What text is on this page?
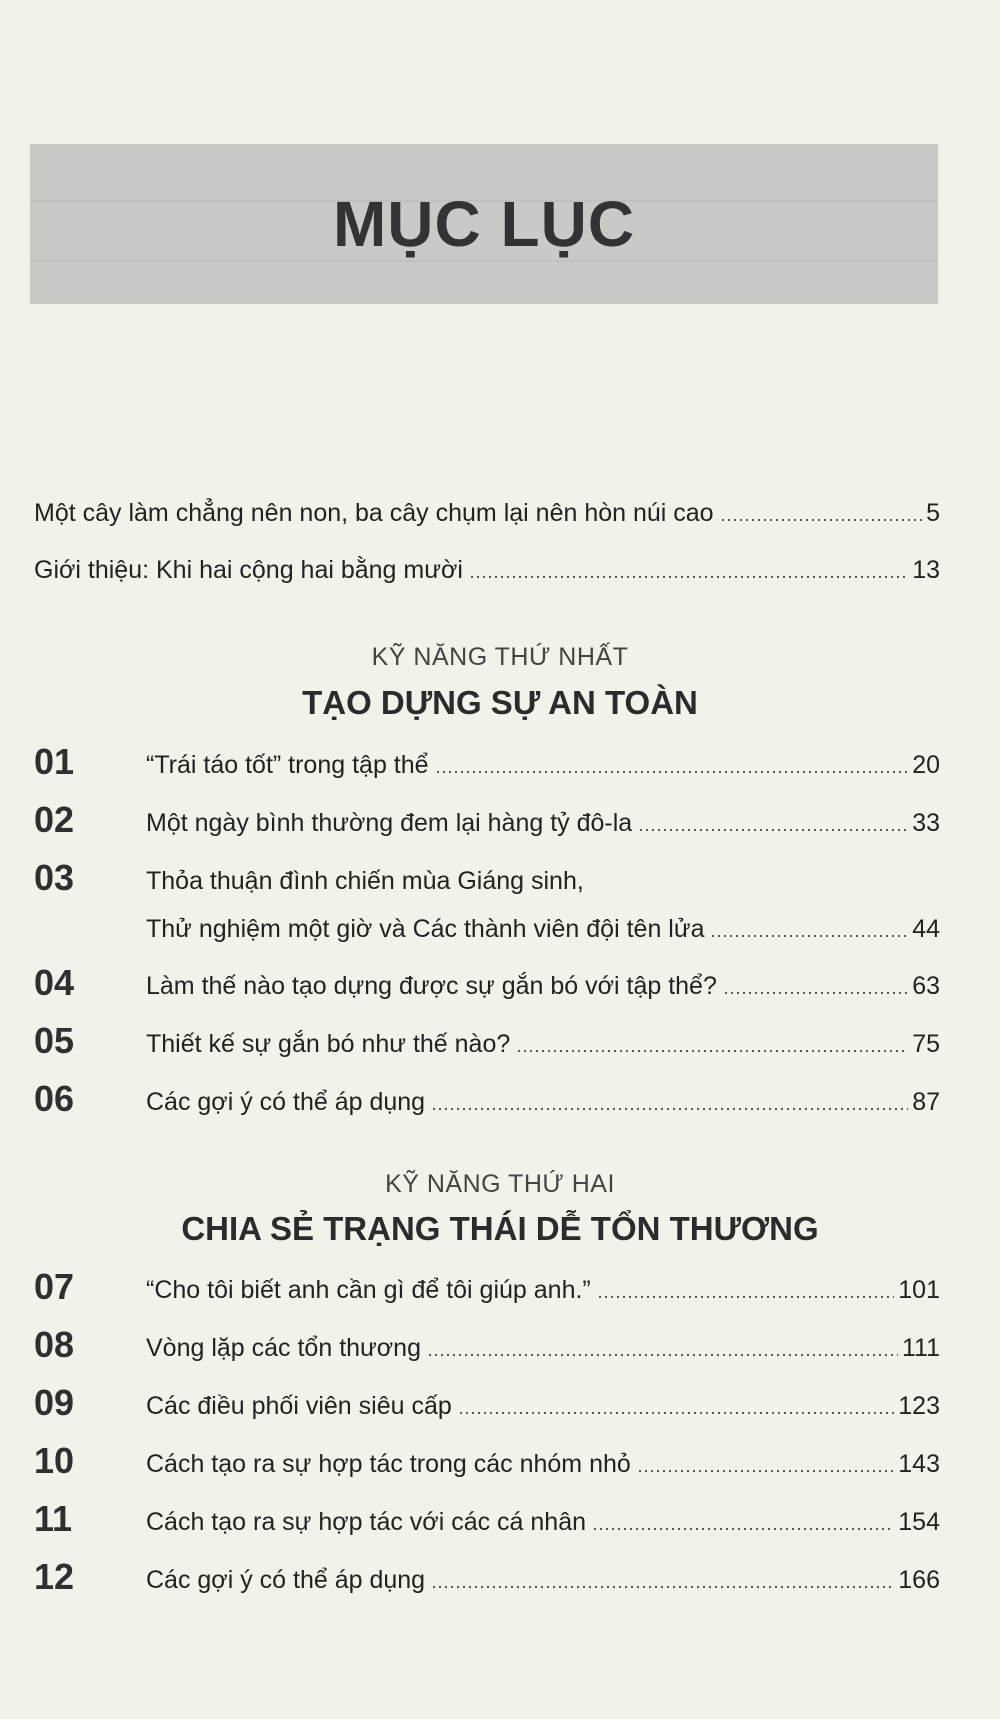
MỤC LỤC
Một cây làm chẳng nên non, ba cây chụm lại nên hòn núi cao	5
Giới thiệu: Khi hai cộng hai bằng mười	13
KỸ NĂNG THỨ NHẤT
TẠO DỰNG SỰ AN TOÀN
01	“Trái táo tốt” trong tập thể	20
02	Một ngày bình thường đem lại hàng tỷ đô-la	33
03	Thỏa thuận đình chiến mùa Giáng sinh,
Thử nghiệm một giờ và Các thành viên đội tên lửa	44
04	Làm thế nào tạo dựng được sự gắn bó với tập thể?	63
05	Thiết kế sự gắn bó như thế nào?	75
06	Các gợi ý có thể áp dụng	87
KỸ NĂNG THỨ HAI
CHIA SẺ TRẠNG THÁI DỄ TỔN THƯƠNG
07	“Cho tôi biết anh cần gì để tôi giúp anh.”	101
08	Vòng lặp các tổn thương	111
09	Các điều phối viên siêu cấp	123
10	Cách tạo ra sự hợp tác trong các nhóm nhỏ	143
11	Cách tạo ra sự hợp tác với các cá nhân	154
12	Các gợi ý có thể áp dụng	166
